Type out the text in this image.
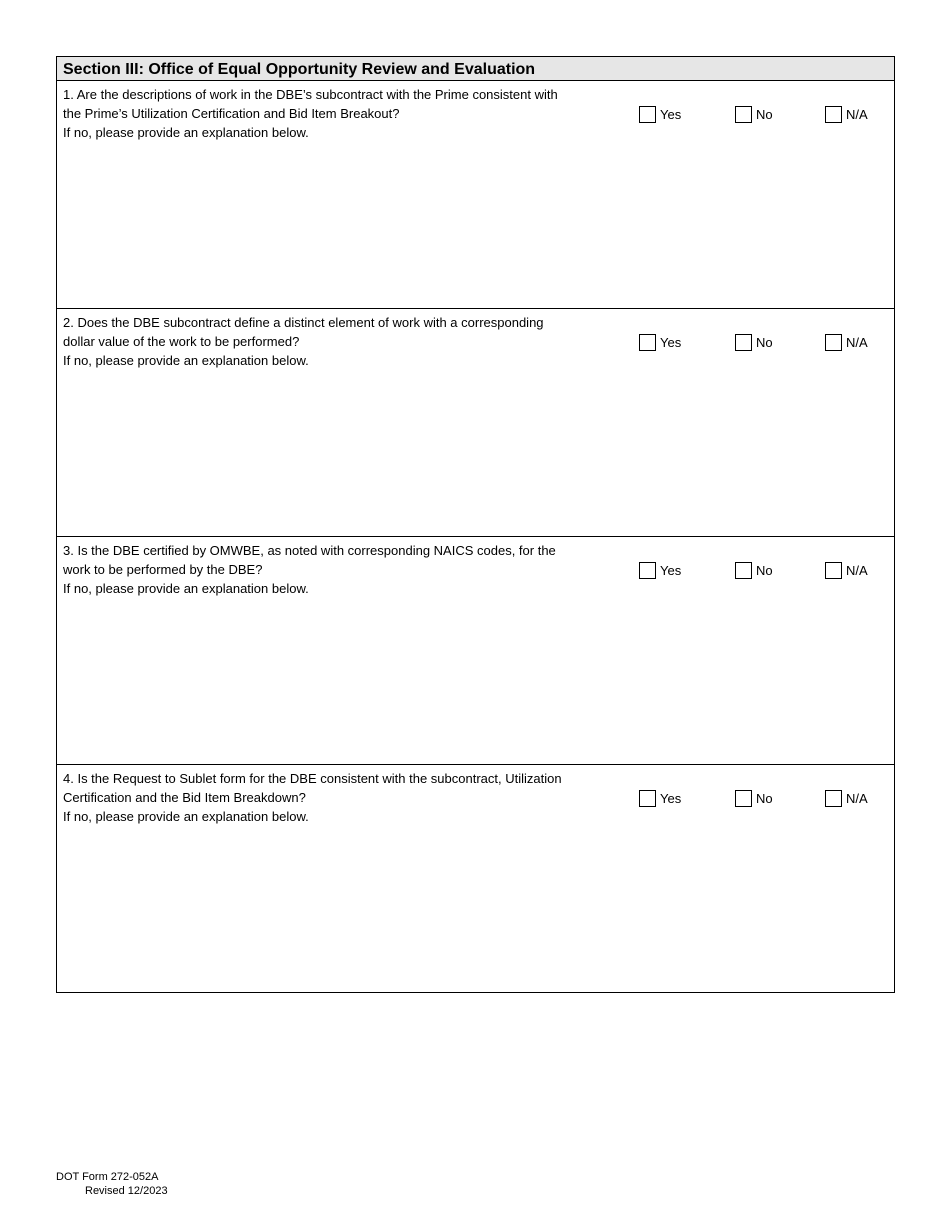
Section III: Office of Equal Opportunity Review and Evaluation
1. Are the descriptions of work in the DBE’s subcontract with the Prime consistent with
the Prime’s Utilization Certification and Bid Item Breakout?
If no, please provide an explanation below.
Yes	No	N/A
2. Does the DBE subcontract define a distinct element of work with a corresponding
dollar value of the work to be performed?
If no, please provide an explanation below.
Yes	No	N/A
3. Is the DBE certified by OMWBE, as noted with corresponding NAICS codes, for the
work to be performed by the DBE?
If no, please provide an explanation below.
Yes	No	N/A
4. Is the Request to Sublet form for the DBE consistent with the subcontract, Utilization
Certification and the Bid Item Breakdown?
If no, please provide an explanation below.
Yes	No	N/A
DOT Form 272-052A
Revised 12/2023
